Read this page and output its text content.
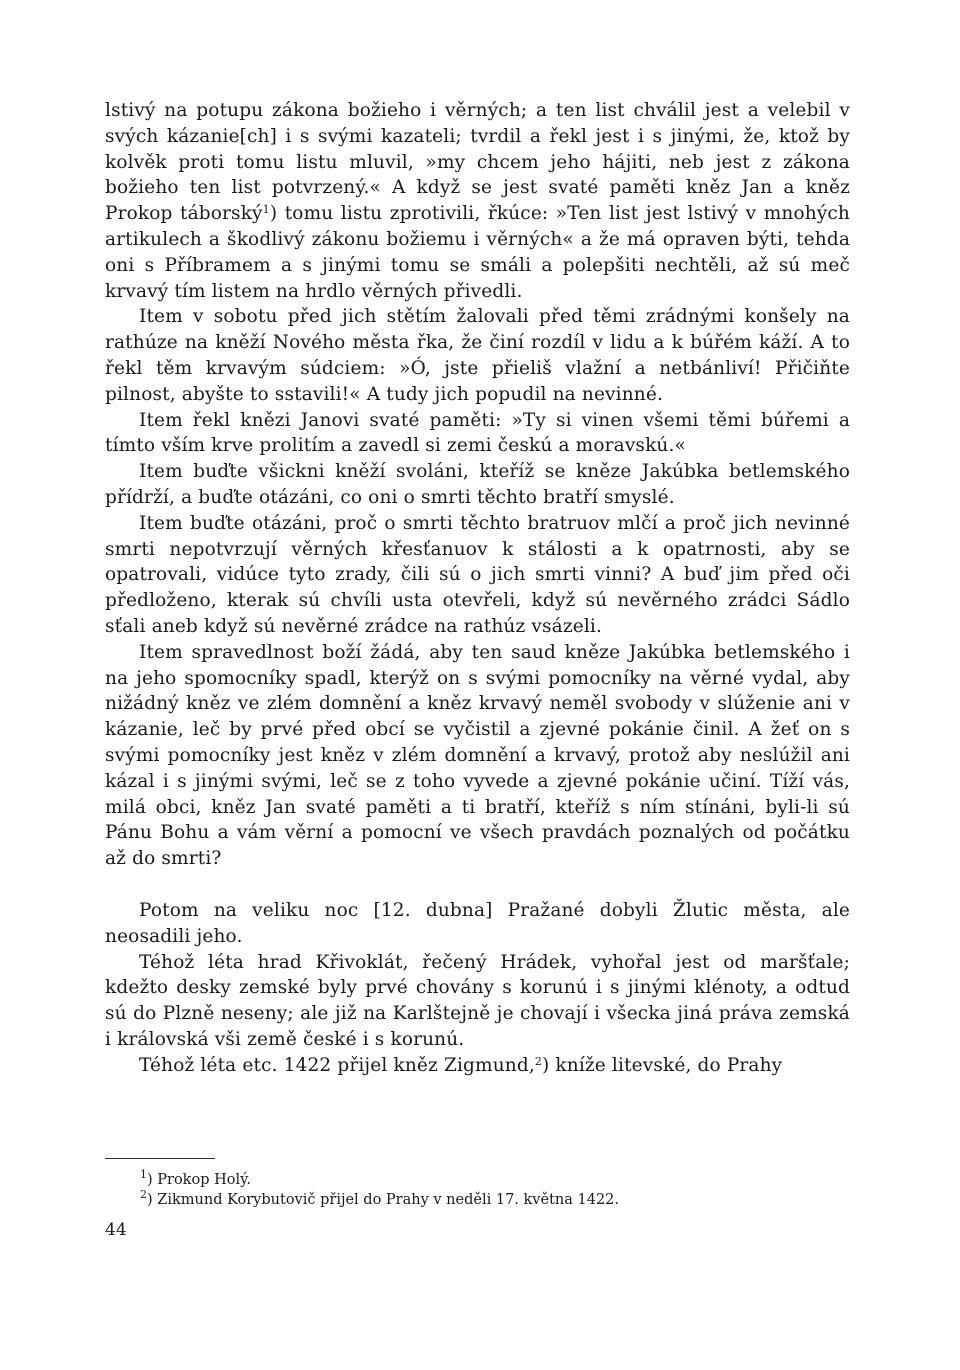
lstivý na potupu zákona božieho i věrných; a ten list chválil jest a velebil v svých kázanie[ch] i s svými kazateli; tvrdil a řekl jest i s jinými, že, ktož by kolvěk proti tomu listu mluvil, »my chcem jeho hájiti, neb jest z zákona božieho ten list potvrzený.« A když se jest svaté paměti kněz Jan a kněz Prokop táborský$^1$) tomu listu zprotivili, řkúce: »Ten list jest lstivý v mnohých artikulech a škodlivý zákonu božiemu i věrných« a že má opraven býti, tehda oni s Příbramem a s jinými tomu se smáli a polepšiti nechtěli, až sú meč krvavý tím listem na hrdlo věrných přivedli.

Item v sobotu před jich stětím žalovali před těmi zrádnými konšely na rathúze na kněží Nového města řka, že činí rozdíl v lidu a k búřém káží. A to řekl těm krvavým súdciem: »Ó, jste přieliš vlažní a netbánliví! Přičiňte pilnost, abyšte to sstavili!« A tudy jich popudil na nevinné.

Item řekl knězi Janovi svaté paměti: »Ty si vinen všemi těmi búřemi a tímto vším krve prolitím a zavedl si zemi českú a moravskú.«

Item buďte všickni kněží svoláni, kteříž se kněze Jakúbka betlemského přídrží, a buďte otázáni, co oni o smrti těchto bratří smyslé.

Item buďte otázáni, proč o smrti těchto bratruov mlčí a proč jich nevinné smrti nepotvrzují věrných křesťanuov k stálosti a k opatrnosti, aby se opatrovali, vidúce tyto zrady, čili sú o jich smrti vinni? A buď jim před oči předloženo, kterak sú chvíli usta otevřeli, když sú nevěrného zrádci Sádlo sťali aneb když sú nevěrné zrádce na rathúz vsázeli.

Item spravedlnost boží žádá, aby ten saud kněze Jakúbka betlemského i na jeho spomocníky spadl, kterýž on s svými pomocníky na věrné vydal, aby nižádný kněz ve zlém domnění a kněz krvavý neměl svobody v slúženie ani v kázanie, leč by prvé před obcí se vyčistil a zjevné pokánie činil. A žeť on s svými pomocníky jest kněz v zlém domnění a krvavý, protož aby neslúžil ani kázal i s jinými svými, leč se z toho vyvede a zjevné pokánie učiní. Tíží vás, milá obci, kněz Jan svaté paměti a ti bratří, kteříž s ním stínáni, byli-li sú Pánu Bohu a vám věrní a pomocní ve všech pravdách poznalých od počátku až do smrti?

Potom na veliku noc [12. dubna] Pražané dobyli Žlutic města, ale neosadili jeho.

Téhož léta hrad Křivoklát, řečený Hrádek, vyhořal jest od maršťale; kdežto desky zemské byly prvé chovány s korunú i s jinými klénoty, a odtud sú do Plzně neseny; ale již na Karlštejně je chovají i všecka jiná práva zemská i královská vši země české i s korunú.

Téhož léta etc. 1422 přijel kněz Zigmund,$^2$) kníže litevské, do Prahy

$^1$) Prokop Holý.

$^2$) Zikmund Korybutovič přijel do Prahy v neděli 17. května 1422.

44
